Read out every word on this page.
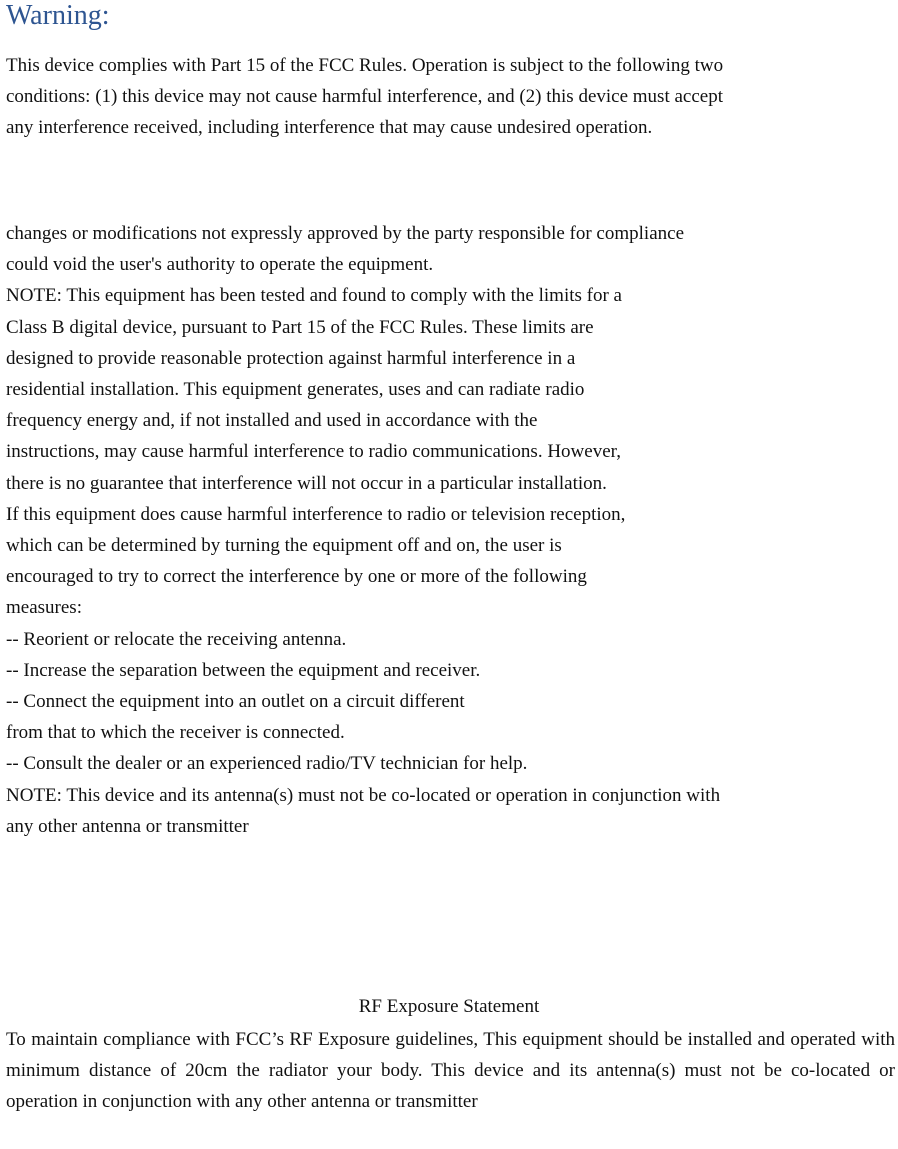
Warning:
This device complies with Part 15 of the FCC Rules. Operation is subject to the following two
conditions: (1) this device may not cause harmful interference, and (2) this device must accept
any interference received, including interference that may cause undesired operation.
changes or modifications not expressly approved by the party responsible for compliance
could void the user's authority to operate the equipment.
NOTE: This equipment has been tested and found to comply with the limits for a
Class B digital device, pursuant to Part 15 of the FCC Rules. These limits are
designed to provide reasonable protection against harmful interference in a
residential installation. This equipment generates, uses and can radiate radio
frequency energy and, if not installed and used in accordance with the
instructions, may cause harmful interference to radio communications. However,
there is no guarantee that interference will not occur in a particular installation.
If this equipment does cause harmful interference to radio or television reception,
which can be determined by turning the equipment off and on, the user is
encouraged to try to correct the interference by one or more of the following
measures:
-- Reorient or relocate the receiving antenna.
-- Increase the separation between the equipment and receiver.
-- Connect the equipment into an outlet on a circuit different
from that to which the receiver is connected.
-- Consult the dealer or an experienced radio/TV technician for help.
NOTE: This device and its antenna(s) must not be co-located or operation in conjunction with
any other antenna or transmitter
RF Exposure Statement
To maintain compliance with FCC’s RF Exposure guidelines, This equipment should be installed and operated with minimum distance of 20cm the radiator your body. This device and its antenna(s) must not be co-located or operation in conjunction with any other antenna or transmitter
